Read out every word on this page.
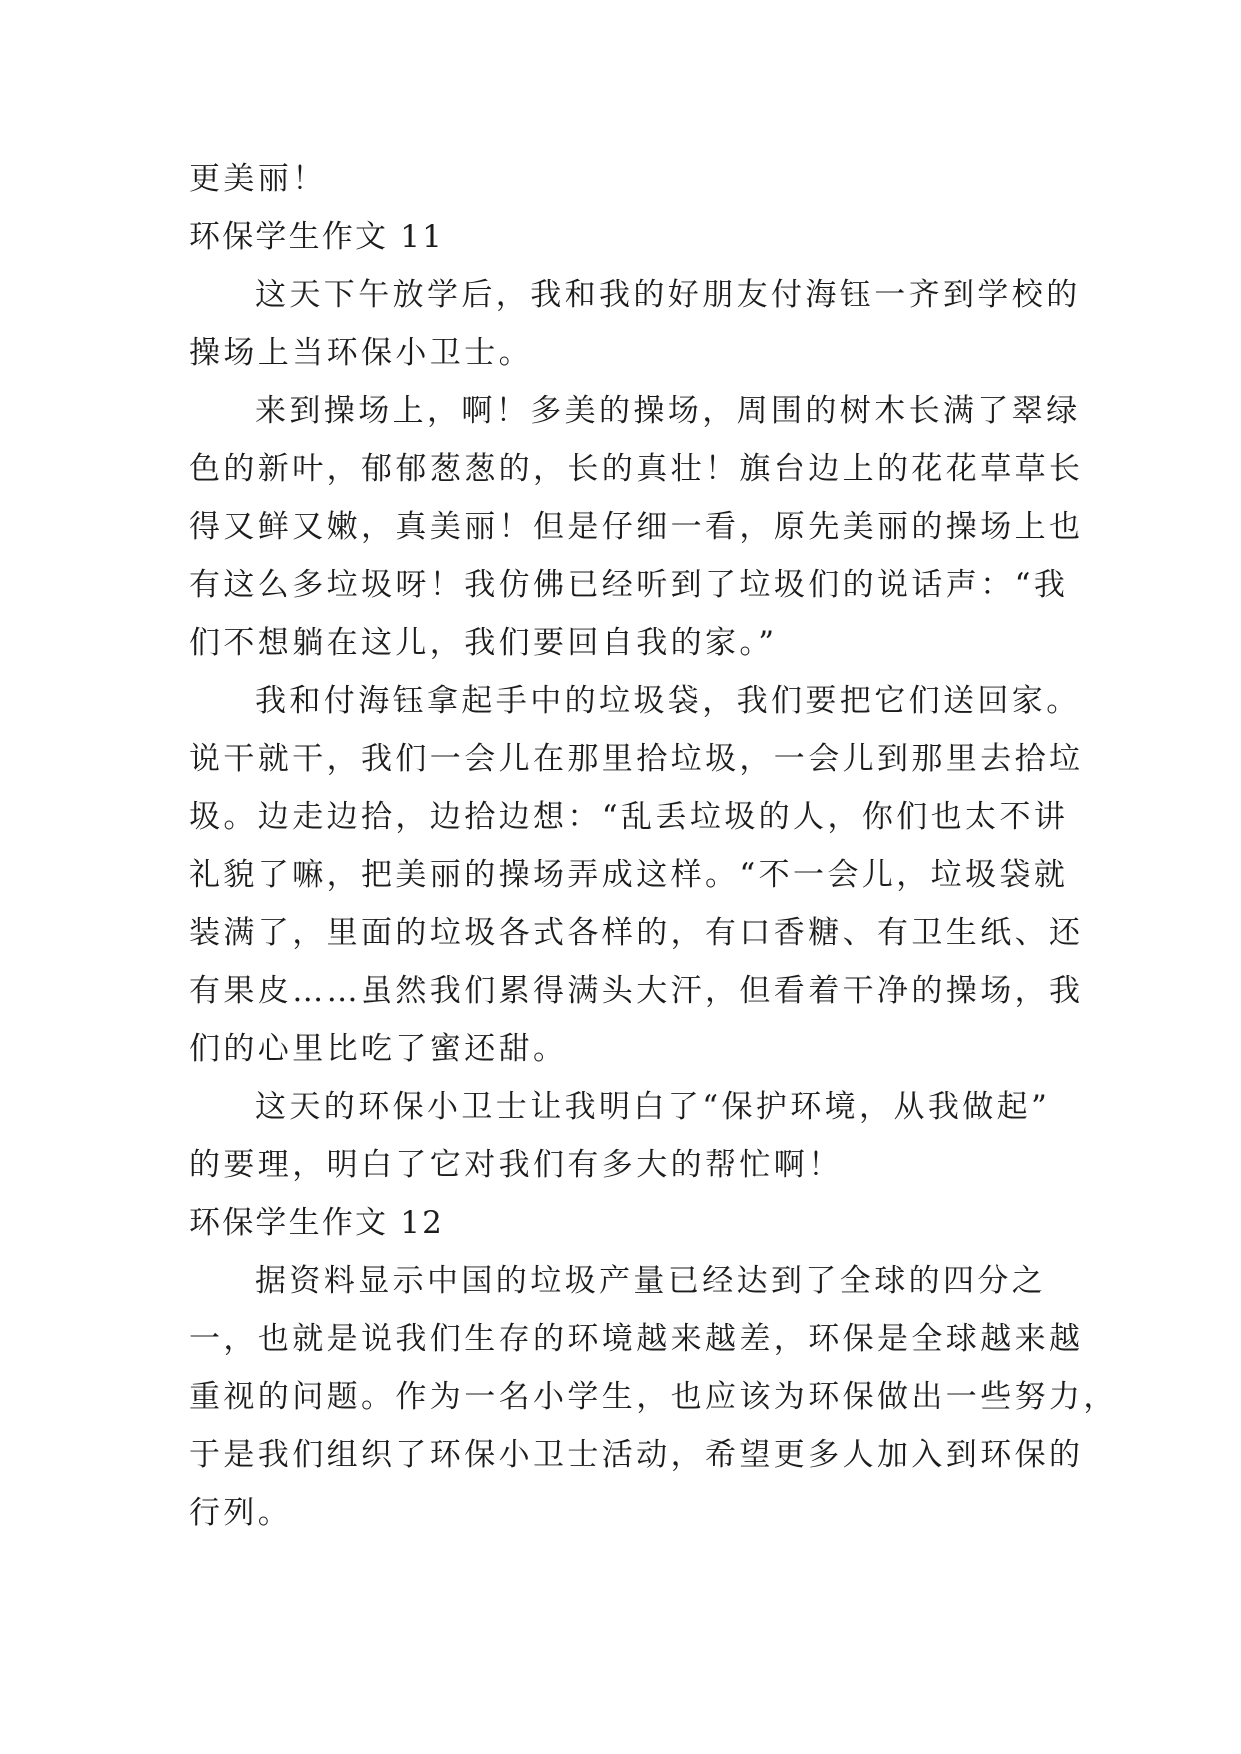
更美丽！
环保学生作文 11
这天下午放学后，我和我的好朋友付海钰一齐到学校的
操场上当环保小卫士。
来到操场上，啊！多美的操场，周围的树木长满了翠绿
色的新叶，郁郁葱葱的，长的真壮！旗台边上的花花草草长
得又鲜又嫩，真美丽！但是仔细一看，原先美丽的操场上也
有这么多垃圾呀！我仿佛已经听到了垃圾们的说话声：“我
们不想躺在这儿，我们要回自我的家。”
我和付海钰拿起手中的垃圾袋，我们要把它们送回家。
说干就干，我们一会儿在那里拾垃圾，一会儿到那里去拾垃
圾。边走边拾，边拾边想：“乱丢垃圾的人，你们也太不讲
礼貌了嘛，把美丽的操场弄成这样。“不一会儿，垃圾袋就
装满了，里面的垃圾各式各样的，有口香糖、有卫生纸、还
有果皮……虽然我们累得满头大汗，但看着干净的操场，我
们的心里比吃了蜜还甜。
这天的环保小卫士让我明白了“保护环境，从我做起”
的要理，明白了它对我们有多大的帮忙啊！
环保学生作文 12
据资料显示中国的垃圾产量已经达到了全球的四分之
一，也就是说我们生存的环境越来越差，环保是全球越来越
重视的问题。作为一名小学生，也应该为环保做出一些努力，
于是我们组织了环保小卫士活动，希望更多人加入到环保的
行列。
